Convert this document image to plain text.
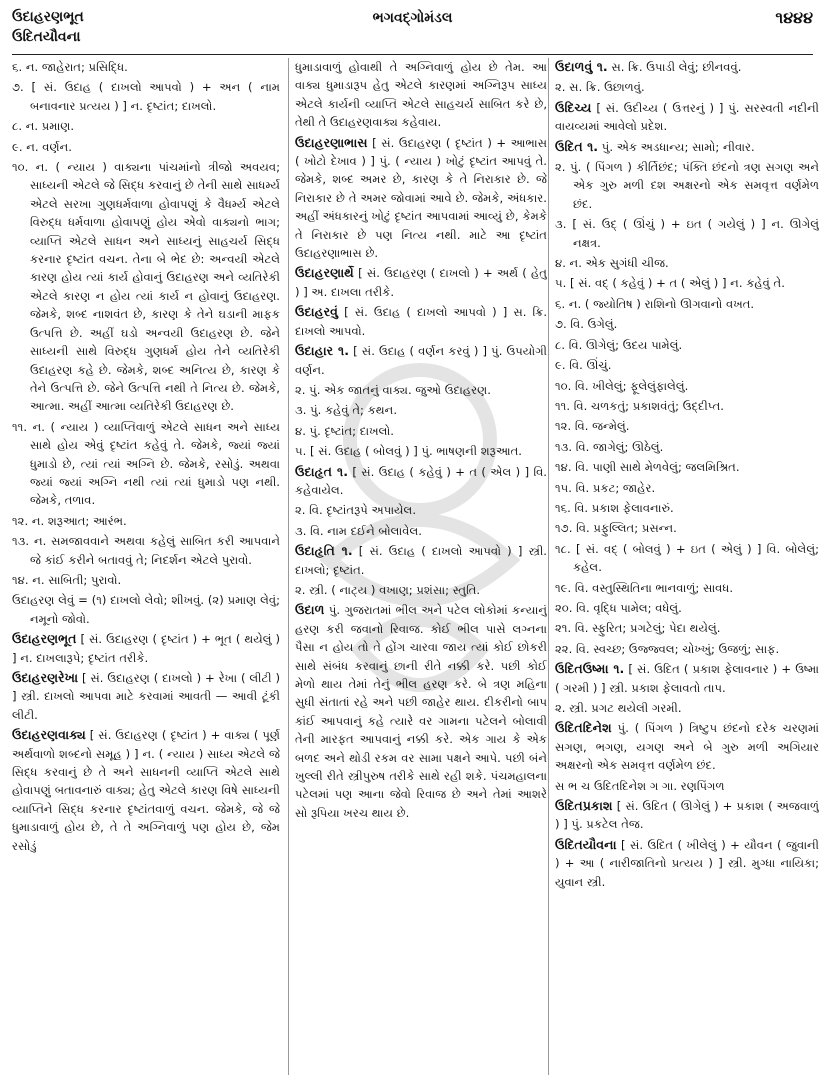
ઉદાહરણભૂત
ઉદિતયૌવના
ભગવદ્ગોમંડલ	૧૪૪૪
૬. ન. જાહેરાત; પ્રસિદ્ધિ.
૭. [ સં. ઉદાહ ( દાખલો આપવો ) + અન ( નામ બનાવનાર પ્રત્યય ) ] ન. દૃષ્ટાંત; દાખલો.
૮. ન. પ્રમાણ.
૯. ન. વર્ણન.
૧૦. ન. ( ન્યાય ) વાક્યના પાંચમાંનો ત્રીજો અવયવ; સાધ્યની એટલે જે સિદ્ધ કરવાનું છે તેની સાથે સાધર્મ્ય એટલે સરખા ગુણધર્મવાળા હોવાપણું કે વૈધર્મ્ય એટલે વિરુદ્ધ ધર્મવાળા હોવાપણું હોય એવો વાક્યનો ભાગ; વ્યાપ્તિ એટલે સાધન અને સાધ્યનું સાહચર્ય સિદ્ધ કરનાર દૃષ્ટાંત વચન. તેના બે ભેદ છે: અન્વયી એટલે કારણ હોય ત્યાં કાર્ય હોવાનું ઉદાહરણ અને વ્યતિરેકી એટલે કારણ ન હોય ત્યાં કાર્ય ન હોવાનું ઉદાહરણ. જેમકે, શબ્દ નાશવંત છે, કારણ કે તેને ઘડાની માફક ઉત્પત્તિ છે. અહીં ઘડો અન્વયી ઉદાહરણ છે. જેને સાધ્યની સાથે વિરુદ્ધ ગુણધર્મ હોય તેને વ્યતિરેકી ઉદાહરણ કહે છે. જેમકે, શબ્દ અનિત્ય છે, કારણ કે તેને ઉત્પત્તિ છે. જેને ઉત્પત્તિ નથી તે નિત્ય છે. જેમકે, આત્મા. અહીં આત્મા વ્યતિરેકી ઉદાહરણ છે.
૧૧. ન. ( ન્યાય ) વ્યાપ્તિવાળું એટલે સાધન અને સાધ્ય સાથે હોય એવું દૃષ્ટાંત કહેવું તે. જેમકે, જ્યાં જ્યાં ધુમાડો છે, ત્યાં ત્યાં અગ્નિ છે. જેમકે, રસોડું. અથવા જ્યાં જ્યાં અગ્નિ નથી ત્યાં ત્યાં ધુમાડો પણ નથી. જેમકે, તળાવ.
૧૨. ન. શરૂઆત; આરંભ.
૧૩. ન. સમજાવવાને અથવા કહેલું સાબિત કરી આપવાને જે કાંઈ કરીને બતાવવું તે; નિદર્શન એટલે પુરાવો.
૧૪. ન. સાબિતી; પુરાવો.
ઉદાહરણ લેવું = (૧) દાખલો લેવો; શીખવું. (૨) પ્રમાણ લેવું; નમૂનો જોવો.
ઉદાહરણભૂત [ સં. ઉદાહરણ ( દૃષ્ટાંત ) + ભૂત ( થયેલું ) ] ન. દાખલારૂપે; દૃષ્ટાંત તરીકે.
ઉદાહરણરેખા [ સં. ઉદાહરણ ( દાખલો ) + રેખા ( લીટી ) ] સ્ત્રી. દાખલો આપવા માટે કરવામાં આવતી — આવી ટૂંકી લીટી.
ઉદાહરણવાક્ય [ સં. ઉદાહરણ ( દૃષ્ટાંત ) + વાક્ય ( પૂર્ણ અર્થવાળો શબ્દનો સમૂહ ) ] ન. ( ન્યાય ) સાધ્ય એટલે જે સિદ્ધ કરવાનું છે તે અને સાધનની વ્યાપ્તિ એટલે સાથે હોવાપણું બતાવનારું વાક્ય; હેતુ એટલે કારણ વિષે સાધ્યની વ્યાપ્તિને સિદ્ધ કરનાર દૃષ્ટાંતવાળું વચન. જેમકે, જે જે ધુમાડાવાળું હોય છે, તે તે અગ્નિવાળું પણ હોય છે, જેમ રસોડું
ધુમાડાવાળું હોવાથી તે અગ્નિવાળું હોય છે તેમ. આ વાક્ય ધુમાડારૂપ હેતુ એટલે કારણમાં અગ્નિરૂપ સાધ્ય એટલે કાર્યની વ્યાપ્તિ એટલે સાહચર્ય સાબિત કરે છે, તેથી તે ઉદાહરણવાક્ય કહેવાય.
ઉદાહરણાભાસ [ સં. ઉદાહરણ ( દૃષ્ટાંત ) + આભાસ ( ખોટો દેખાવ ) ] પું. ( ન્યાય ) ખોટું દૃષ્ટાંત આપવું તે. જેમકે, શબ્દ અમર છે, કારણ કે તે નિરાકાર છે. જે નિરાકાર છે તે અમર જોવામાં આવે છે. જેમકે, અંધકાર. અહીં અંધકારનું ખોટું દૃષ્ટાંત આપવામાં આવ્યું છે, કેમકે તે નિરાકાર છે પણ નિત્ય નથી. માટે આ દૃષ્ટાંત ઉદાહરણાભાસ છે.
ઉદાહરણાર્થે [ સં. ઉદાહરણ ( દાખલો ) + અર્થ ( હેતુ ) ] અ. દાખલા તરીકે.
ઉદાહરવું [ સં. ઉદાહ ( દાખલો આપવો ) ] સ. ક્રિ. દાખલો આપવો.
ઉદાહાર ૧. [ સં. ઉદાહ ( વર્ણન કરવું ) ] પું. ઉપયોગી વર્ણન.
૨. પું. એક જાતનું વાક્ય. જુઓ ઉદાહરણ.
૩. પું. કહેવું તે; કથન.
૪. પું. દૃષ્ટાંત; દાખલો.
૫. [ સં. ઉદાહ ( બોલવું ) ] પું. ભાષણની શરૂઆત.
ઉદાહૃત ૧. [ સં. ઉદાહ ( કહેવું ) + ત ( એલ ) ] વિ. કહેવાયેલ.
૨. વિ. દૃષ્ટાંતરૂપે અપાયેલ.
૩. વિ. નામ દઈને બોલાવેલ.
ઉદાહૃતિ ૧. [ સં. ઉદાહ ( દાખલો આપવો ) ] સ્ત્રી. દાખલો; દૃષ્ટાંત.
૨. સ્ત્રી. ( નાટ્ય ) વખાણ; પ્રશંસા; સ્તુતિ.
ઉદાળ પું. ગુજરાતમાં ભીલ અને પટેલ લોકોમાં કન્યાનું હરણ કરી જવાનો રિવાજ. કોઈ ભીલ પાસે લગ્નના પૈસા ન હોય તો તે હોંગ ચારવા જાય ત્યાં કોઈ છોકરી સાથે સંબંધ કરવાનું છાની રીતે નક્કી કરે. પછી કોઈ મેળો થાય તેમાં તેનું ભીલ હરણ કરે. બે ત્રણ મહિના સુધી સંતાતાં રહે અને પછી જાહેર થાય. દીકરીનો બાપ કાંઈ આપવાનું કહે ત્યારે વર ગામના પટેલને બોલાવી તેની મારફત આપવાનું નક્કી કરે. એક ગાય કે એક બળદ અને થોડી રકમ વર સામા પક્ષને આપે. પછી બંને ખુલ્લી રીતે સ્ત્રીપુરુષ તરીકે સાથે રહી શકે. પંચમહાલના પટેલમાં પણ આના જેવો રિવાજ છે અને તેમાં આશરે સો રૂપિયા ખરચ થાય છે.
ઉદાળવું ૧. સ. ક્રિ. ઉપાડી લેવું; છીનવવું.
૨. સ. ક્રિ. ઉછાળવું.
ઉદિચ્ય [ સં. ઉદીચ્ય ( ઉત્તરનું ) ] પું. સરસ્વતી નદીની વાયવ્યમાં આવેલો પ્રદેશ.
ઉદિત ૧. પું. એક અડધાન્ય; સામો; નીવાર.
૨. પું. ( પિંગળ ) કીર્તિછંદ; પંક્તિ છંદનો ત્રણ સગણ અને એક ગુરુ મળી દશ અક્ષરનો એક સમવૃત્ત વર્ણમેળ છંદ.
૩. [ સં. ઉદ્ ( ઊંચું ) + ઇત ( ગયેલું ) ] ન. ઊગેલું નક્ષત્ર.
૪. ન. એક સુગંધી ચીજ.
૫. [ સં. વદ્ ( કહેવું ) + ત ( એલું ) ] ન. કહેવું તે.
૬. ન. ( જ્યોતિષ ) રાશિનો ઊગવાનો વખત.
૭. વિ. ઉગેલું.
૮. વિ. ઊગેલું; ઉદય પામેલું.
૯. વિ. ઊંચું.
૧૦. વિ. ખીલેલું; ફૂલેલુંફાલેલું.
૧૧. વિ. ચળકતું; પ્રકાશવંતું; ઉદ્દીપ્ત.
૧૨. વિ. જન્મેલું.
૧૩. વિ. જાગેલું; ઊઠેલું.
૧૪. વિ. પાણી સાથે મેળવેલું; જલમિશ્રિત.
૧૫. વિ. પ્રકટ; જાહેર.
૧૬. વિ. પ્રકાશ ફેલાવનારું.
૧૭. વિ. પ્રફુલ્લિત; પ્રસન્ન.
૧૮. [ સં. વદ્ ( બોલવું ) + ઇત ( એલું ) ] વિ. બોલેલું; કહેલ.
૧૯. વિ. વસ્તુસ્થિતિના ભાનવાળું; સાવધ.
૨૦. વિ. વૃદ્ધિ પામેલ; વધેલું.
૨૧. વિ. સ્ફુરિત; પ્રગટેલું; પેદા થયેલું.
૨૨. વિ. સ્વચ્છ; ઉજ્જ્વલ; ચોખ્ખું; ઉજળું; સાફ.
ઉદિતઉષ્મા ૧. [ સં. ઉદિત ( પ્રકાશ ફેલાવનાર ) + ઉષ્મા ( ગરમી ) ] સ્ત્રી. પ્રકાશ ફેલાવતો તાપ.
૨. સ્ત્રી. પ્રગટ થયેલી ગરમી.
ઉદિતદિનેશ પું. ( પિંગળ ) ત્રિષ્ટુપ છંદનો દરેક ચરણમાં સગણ, ભગણ, યગણ અને બે ગુરુ મળી અગિયાર અક્ષરનો એક સમવૃત્ત વર્ણમેળ છંદ.
સ ભ ચ ઉદિતદિનેશ ગ ગા. રણપિંગળ
ઉદિતપ્રકાશ [ સં. ઉદિત ( ઊગેલું ) + પ્રકાશ ( અજવાળું ) ] પું. પ્રકટેલ તેજ.
ઉદિતયૌવના [ સં. ઉદિત ( ખીલેલું ) + યૌવન ( જુવાની ) + આ ( નારીજાતિનો પ્રત્યય ) ] સ્ત્રી. મુગ્ધા નાયિકા; યુવાન સ્ત્રી.
